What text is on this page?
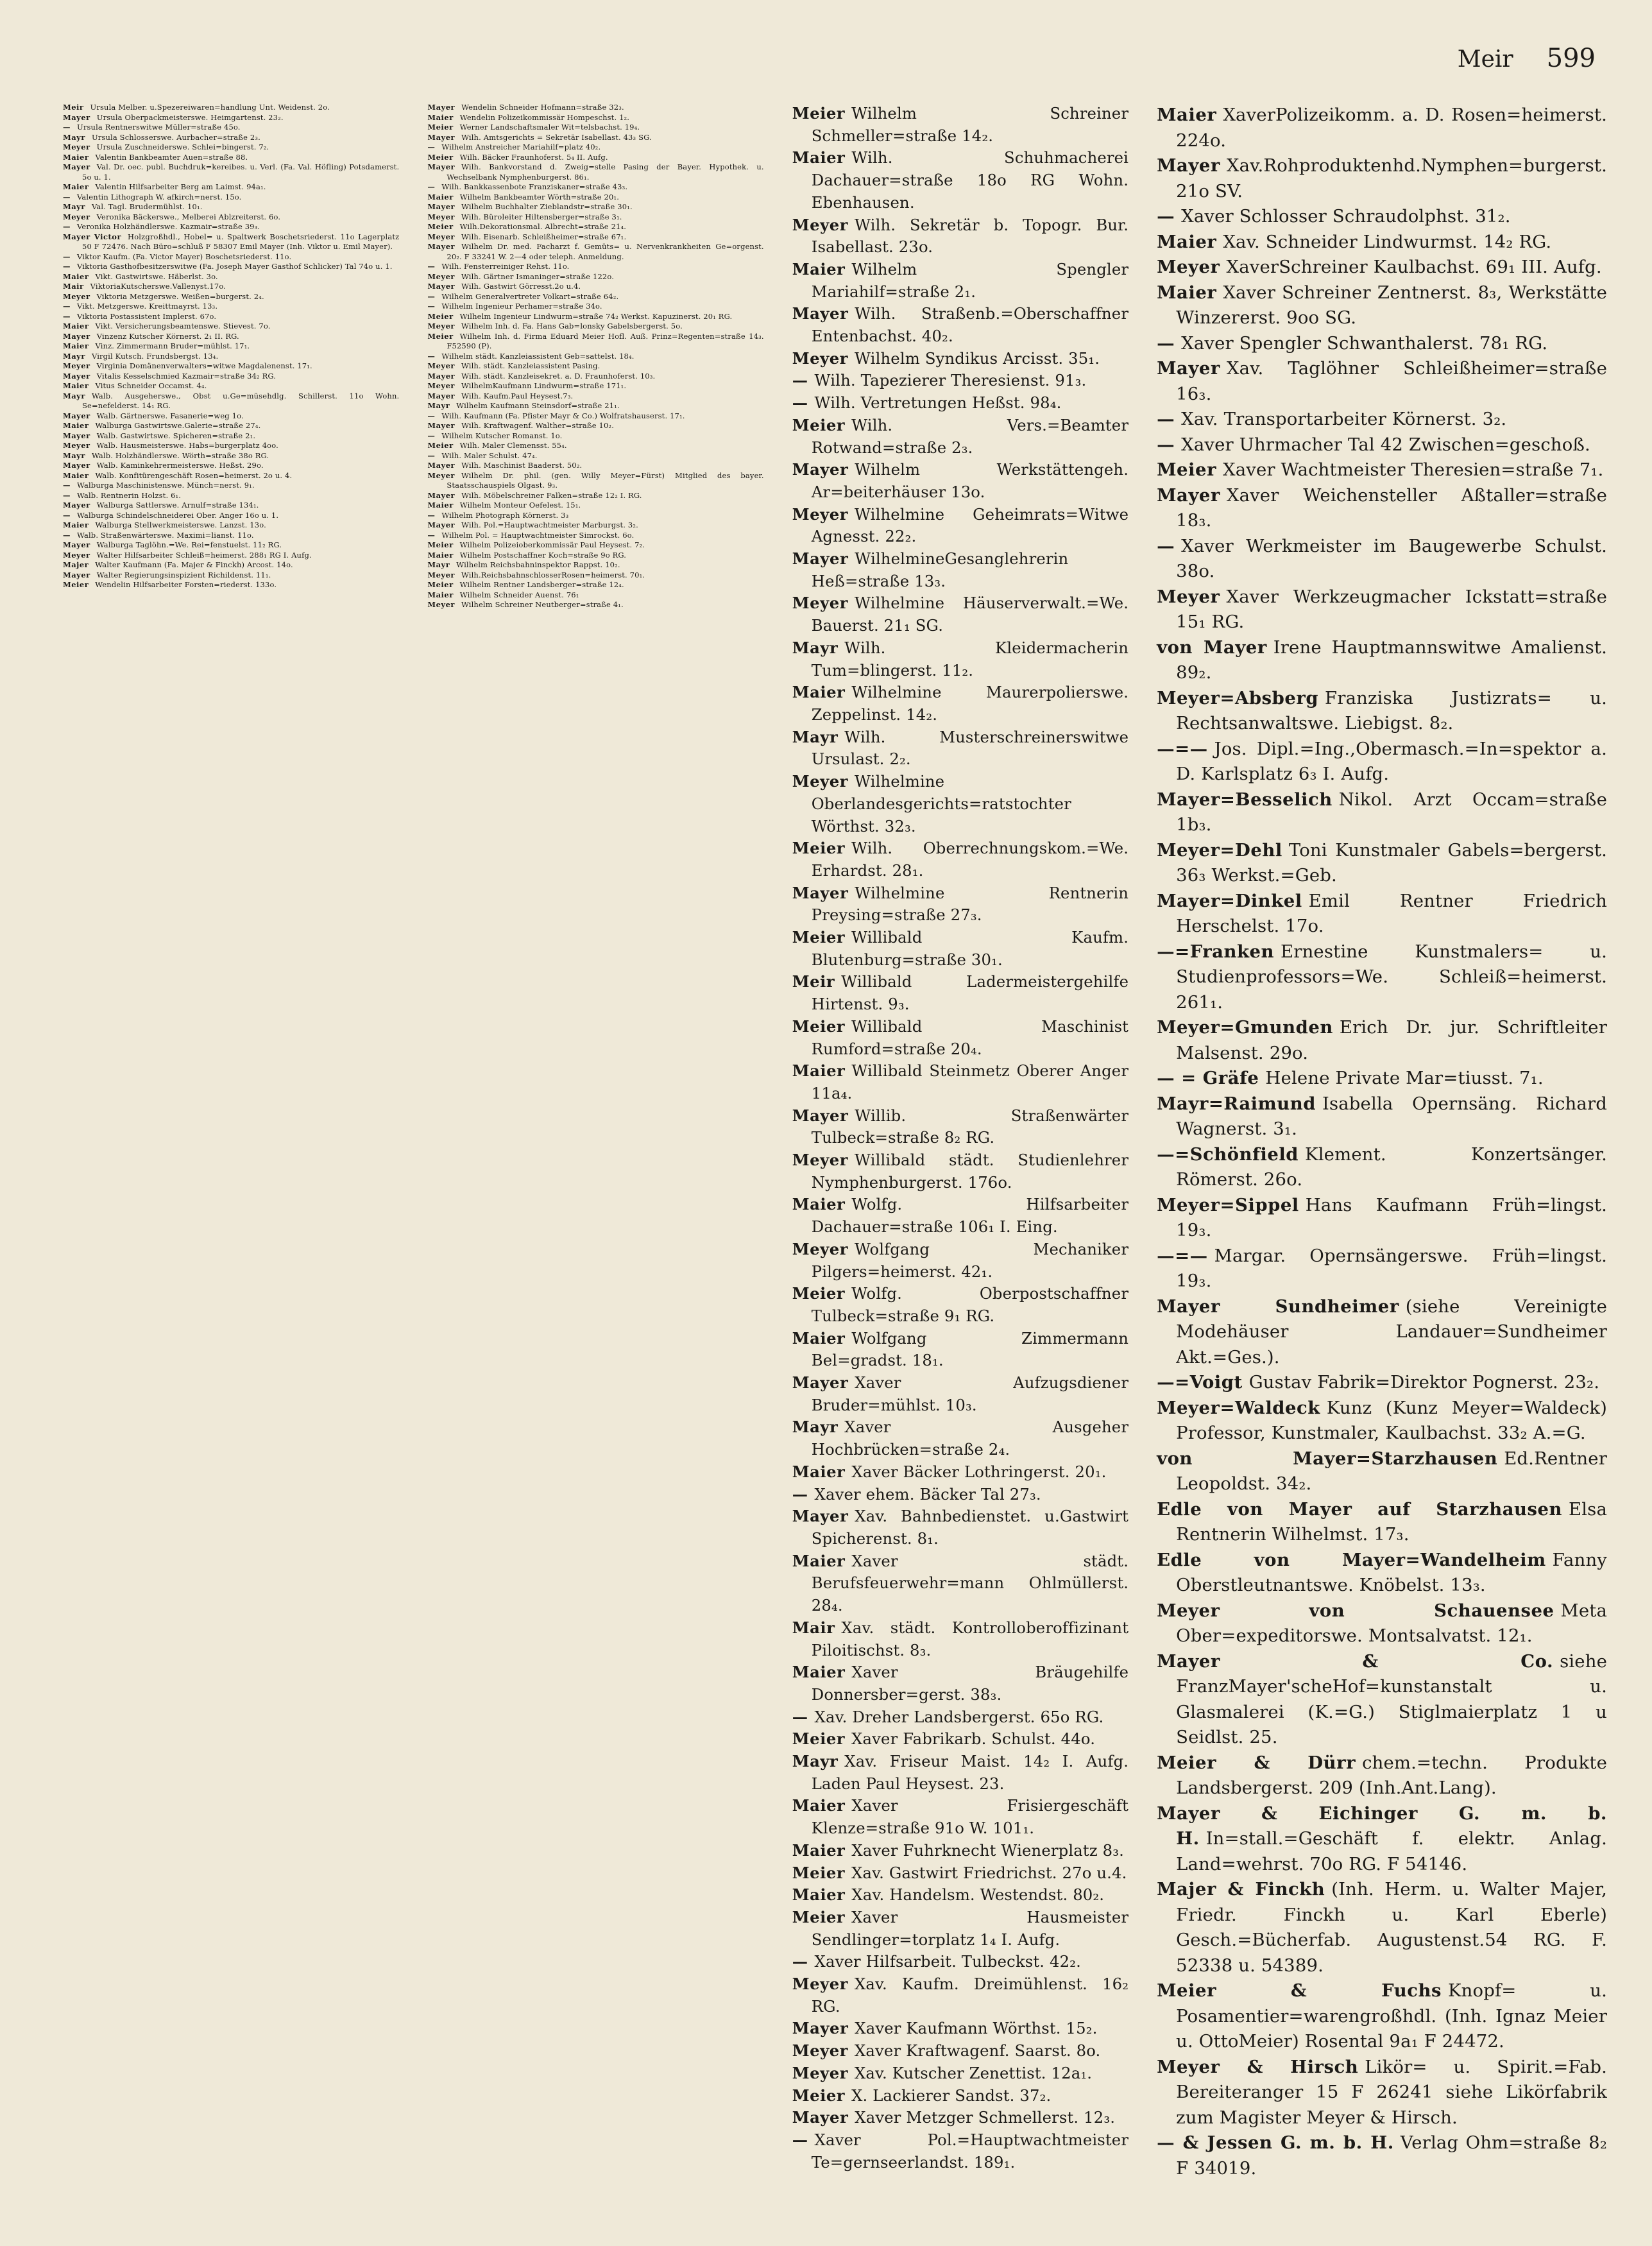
Meir 599
Meir Ursula Melber. u.Spezereiwaren=handlung Unt. Weidenst. 2o.
Mayer Ursula Oberpackmeisterswe. Heimgartenst. 23₂.
— Ursula Rentnerswitwe Müller=straße 45o.
Mayr Ursula Schlosserswe. Aurbacher=straße 2₃.
Meyer Ursula Zuschneiderswe. Schlei=bingerst. 7₂.
Maier Valentin Bankbeamter Auen=straße 88.
Mayer Val. Dr. oec. publ. Buchdruk=kereibes. u. Verl. (Fa. Val. Höfling) Potsdamerst. 5o u. 1.
Maier Valentin Hilfsarbeiter Berg am Laimst. 94a₁.
— Valentin Lithograph W. afkirch=nerst. 15o.
Mayr Val. Tagl. Brudermühlst. 10₁.
Meyer Veronika Bäckerswe., Melberei Ablzreiterst. 6o.
— Veronika Holzhändlerswe. Kazmair=straße 39₃.
Mayer Victor Holzgroßhdl., Hobel= u. Spaltwerk Boschetsriederst. 11o Lagerplatz 50 F 72476. Nach Büro=schluß F 58307 Emil Mayer (Inh. Viktor u. Emil Mayer).
— Viktor Kaufm. (Fa. Victor Mayer) Boschetsriederst. 11o.
— Viktoria Gasthofbesitzerswitwe (Fa. Joseph Mayer Gasthof Schlicker) Tal 74o u. 1.
Maier Vikt. Gastwirtswe. Häberlst. 3o.
Mair ViktoriaKutscherswe.Vallenyst.17o.
Meyer Viktoria Metzgerswe. Weißen=burgerst. 2₄.
— Vikt. Metzgerswe. Kreittmayrst. 13₃.
— Viktoria Postassistent Implerst. 67o.
Maier Vikt. Versicherungsbeamtenswe. Stievest. 7o.
Mayer Vinzenz Kutscher Körnerst. 2₁ II. RG.
Maier Vinz. Zimmermann Bruder=mühlst. 17₁.
Mayr Virgil Kutsch. Frundsbergst. 13₄.
Meyer Virginia Domänenverwalters=witwe Magdalenenst. 17₁.
Mayer Vitalis Kesselschmied Kazmair=straße 34₂ RG.
Maier Vitus Schneider Occamst. 4₄.
Mayr Walb. Ausgeherswe., Obst u.Ge=müsehdlg. Schillerst. 11o Wohn. Se=nefelderst. 14₁ RG.
Mayer Walb. Gärtnerswe. Fasanerie=weg 1o.
Maier Walburga Gastwirtswe.Galerie=straße 27₄.
Mayer Walb. Gastwirtswe. Spicheren=straße 2₁.
Meyer Walb. Hausmeisterswe. Habs=burgerplatz 4oo.
Mayr Walb. Holzhändlerswe. Wörth=straße 38o RG.
Mayer Walb. Kaminkehrermeisterswe. Heßst. 29o.
Maier Walb. Konfitürengeschäft Rosen=heimerst. 2o u. 4.
— Walburga Maschinistenswe. Münch=nerst. 9₁.
— Walb. Rentnerin Holzst. 6₁.
Mayer Walburga Sattlerswe. Arnulf=straße 134₁.
— Walburga Schindelschneiderei Ober. Anger 16o u. 1.
Maier Walburga Stellwerkmeisterswe. Lanzst. 13o.
— Walb. Straßenwärterswe. Maximi=lianst. 11o.
Mayer Walburga Taglöhn.=We. Rei=fenstuelst. 11₂ RG.
Meyer Walter Hilfsarbeiter Schleiß=heimerst. 288₁ RG I. Aufg.
Majer Walter Kaufmann (Fa. Majer & Finckh) Arcost. 14o.
Mayer Walter Regierungsinspizient Richildenst. 11₁.
Meier Wendelin Hilfsarbeiter Forsten=riederst. 133o.
Mayer Wendelin Schneider Hofmann=straße 32₃.
Maier Wendelin Polizeikommissär Hompeschst. 1₂.
Meier Werner Landschaftsmaler Wit=telsbachst. 19₄.
Mayer Wilh. Amtsgerichts = Sekretär Isabellast. 43₃ SG.
— Wilhelm Anstreicher Mariahilf=platz 40₂.
Meier Wilh. Bäcker Fraunhoferst. 5₄ II. Aufg.
Mayer Wilh. Bankvorstand d. Zweig=stelle Pasing der Bayer. Hypothek. u. Wechselbank Nymphenburgerst. 86₁.
— Wilh. Bankkassenbote Franziskaner=straße 43₃.
Maier Wilhelm Bankbeamter Wörth=straße 20₁.
Mayer Wilhelm Buchhalter Zieblandstr=straße 30₁.
Meyer Wilh. Büroleiter Hiltensberger=straße 3₁.
Meier Wilh.Dekorationsmal. Albrecht=straße 21₄.
Meyer Wilh. Eisenarb. Schleißheimer=straße 67₁.
Mayer Wilhelm Dr. med. Facharzt f. Gemüts= u. Nervenkrankheiten Ge=orgenst. 20₂. F 33241 W. 2—4 oder teleph. Anmeldung.
— Wilh. Fensterreiniger Rehst. 11o.
Meyer Wilh. Gärtner Ismaninger=straße 122o.
Mayer Wilh. Gastwirt Görresst.2o u.4.
— Wilhelm Generalvertreter Volkart=straße 64₂.
— Wilhelm Ingenieur Perhamer=straße 34o.
Meier Wilhelm Ingenieur Lindwurm=straße 74₂ Werkst. Kapuzinerst. 20₁ RG.
Meyer Wilhelm Inh. d. Fa. Hans Gab=lonsky Gabelsbergerst. 5o.
Meier Wilhelm Inh. d. Firma Eduard Meier Hofl. Auß. Prinz=Regenten=straße 14₃. F52590 (P).
— Wilhelm städt. Kanzleiassistent Geb=sattelst. 18₄.
Meyer Wilh. städt. Kanzleiassistent Pasing.
Mayer Wilh. städt. Kanzleisekret. a. D. Fraunhoferst. 10₃.
Meyer WilhelmKaufmann Lindwurm=straße 171₁.
Mayer Wilh. Kaufm.Paul Heysest.7₃.
Mayr Wilhelm Kaufmann Steinsdorf=straße 21₁.
— Wilh. Kaufmann (Fa. Pfister Mayr & Co.) Wolfratshauserst. 17₁.
Mayer Wilh. Kraftwagenf. Walther=straße 10₂.
— Wilhelm Kutscher Romanst. 1o.
Meier Wilh. Maler Clemensst. 55₄.
— Wilh. Maler Schulst. 47₄.
Mayer Wilh. Maschinist Baaderst. 50₂.
Meyer Wilhelm Dr. phil. (gen. Willy Meyer=Fürst) Mitglied des bayer. Staatsschauspiels Olgast. 9₃.
Mayer Wilh. Möbelschreiner Falken=straße 12₂ I. RG.
Maier Wilhelm Monteur Oefelest. 15₁.
— Wilhelm Photograph Körnerst. 3₃
Mayer Wilh. Pol.=Hauptwachtmeister Marburgst. 3₂.
— Wilhelm Pol. = Hauptwachtmeister Simrockst. 6o.
Meier Wilhelm Polizeioberkommissär Paul Heysest. 7₂.
Maier Wilhelm Postschaffner Koch=straße 9o RG.
Mayr Wilhelm Reichsbahninspektor Rappst. 10₂.
Meyer Wilh.ReichsbahnschlosserRosen=heimerst. 70₁.
Meier Wilhelm Rentner Landsberger=straße 12₄.
Maier Wilhelm Schneider Auenst. 76₁
Meyer Wilhelm Schreiner Neutberger=straße 4₁.
Meier Wilhelm Schreiner Schmeller=straße 14₂.
Maier Wilh. Schuhmacherei Dachauer=straße 18o RG Wohn. Ebenhausen.
Meyer Wilh. Sekretär b. Topogr. Bur. Isabellast. 23o.
Maier Wilhelm Spengler Mariahilf=straße 2₁.
Mayer Wilh. Straßenb.=Oberschaffner Entenbachst. 40₂.
Meyer Wilhelm Syndikus Arcisst. 35₁.
— Wilh. Tapezierer Theresienst. 91₃.
— Wilh. Vertretungen Heßst. 98₄.
Meier Wilh. Vers.=Beamter Rotwand=straße 2₃.
Mayer Wilhelm Werkstättengeh. Ar=beiterhäuser 13o.
Meyer Wilhelmine Geheimrats=Witwe Agnesst. 22₂.
Mayer WilhelmineGesanglehrerin Heß=straße 13₃.
Meyer Wilhelmine Häuserverwalt.=We. Bauerst. 21₁ SG.
Mayr Wilh. Kleidermacherin Tum=blingerst. 11₂.
Maier Wilhelmine Maurerpolierswe. Zeppelinst. 14₂.
Mayr Wilh. Musterschreinerswitwe Ursulast. 2₂.
Meyer Wilhelmine Oberlandesgerichts=ratstochter Wörthst. 32₃.
Meier Wilh. Oberrechnungskom.=We. Erhardst. 28₁.
Mayer Wilhelmine Rentnerin Preysing=straße 27₃.
Meier Willibald Kaufm. Blutenburg=straße 30₁.
Meir Willibald Ladermeistergehilfe Hirtenst. 9₃.
Meier Willibald Maschinist Rumford=straße 20₄.
Maier Willibald Steinmetz Oberer Anger 11a₄.
Mayer Willib. Straßenwärter Tulbeck=straße 8₂ RG.
Meyer Willibald städt. Studienlehrer Nymphenburgerst. 176o.
Maier Wolfg. Hilfsarbeiter Dachauer=straße 106₁ I. Eing.
Meyer Wolfgang Mechaniker Pilgers=heimerst. 42₁.
Meier Wolfg. Oberpostschaffner Tulbeck=straße 9₁ RG.
Maier Wolfgang Zimmermann Bel=gradst. 18₁.
Mayer Xaver Aufzugsdiener Bruder=mühlst. 10₃.
Mayr Xaver Ausgeher Hochbrücken=straße 2₄.
Maier Xaver Bäcker Lothringerst. 20₁.
— Xaver ehem. Bäcker Tal 27₃.
Mayer Xav. Bahnbedienstet. u.Gastwirt Spicherenst. 8₁.
Maier Xaver städt. Berufsfeuerwehr=mann Ohlmüllerst. 28₄.
Mair Xav. städt. Kontrolloberoffizinant Piloitischst. 8₃.
Maier Xaver Bräugehilfe Donnersber=gerst. 38₃.
— Xav. Dreher Landsbergerst. 65o RG.
Meier Xaver Fabrikarb. Schulst. 44o.
Mayr Xav. Friseur Maist. 14₂ I. Aufg. Laden Paul Heysest. 23.
Maier Xaver Frisiergeschäft Klenze=straße 91o W. 101₁.
Maier Xaver Fuhrknecht Wienerplatz 8₃.
Meier Xav. Gastwirt Friedrichst. 27o u.4.
Maier Xav. Handelsm. Westendst. 80₂.
Meier Xaver Hausmeister Sendlinger=torplatz 1₄ I. Aufg.
— Xaver Hilfsarbeit. Tulbeckst. 42₂.
Meyer Xav. Kaufm. Dreimühlenst. 16₂ RG.
Mayer Xaver Kaufmann Wörthst. 15₂.
Meyer Xaver Kraftwagenf. Saarst. 8o.
Meyer Xav. Kutscher Zenettist. 12a₁.
Meier X. Lackierer Sandst. 37₂.
Mayer Xaver Metzger Schmellerst. 12₃.
— Xaver Pol.=Hauptwachtmeister Te=gernseerlandst. 189₁.
Maier XaverPolizeikomm. a. D. Rosen=heimerst. 224o.
Mayer Xav.Rohproduktenhd.Nymphen=burgerst. 21o SV.
— Xaver Schlosser Schraudolphst. 31₂.
Maier Xav. Schneider Lindwurmst. 14₂ RG.
Meyer XaverSchreiner Kaulbachst. 69₁ III. Aufg.
Maier Xaver Schreiner Zentnerst. 8₃, Werkstätte Winzererst. 9oo SG.
— Xaver Spengler Schwanthalerst. 78₁ RG.
Mayer Xav. Taglöhner Schleißheimer=straße 16₃.
— Xav. Transportarbeiter Körnerst. 3₂.
— Xaver Uhrmacher Tal 42 Zwischen=geschoß.
Meier Xaver Wachtmeister Theresien=straße 7₁.
Mayer Xaver Weichensteller Aßtaller=straße 18₃.
— Xaver Werkmeister im Baugewerbe Schulst. 38o.
Meyer Xaver Werkzeugmacher Ickstatt=straße 15₁ RG.
von Mayer Irene Hauptmannswitwe Amalienst. 89₂.
Meyer=Absberg Franziska Justizrats= u. Rechtsanwaltswe. Liebigst. 8₂.
—=— Jos. Dipl.=Ing.,Obermasch.=In=spektor a. D. Karlsplatz 6₃ I. Aufg.
Mayer=Besselich Nikol. Arzt Occam=straße 1b₃.
Meyer=Dehl Toni Kunstmaler Gabels=bergerst. 36₃ Werkst.=Geb.
Mayer=Dinkel Emil Rentner Friedrich Herschelst. 17o.
—=Franken Ernestine Kunstmalers= u. Studienprofessors=We. Schleiß=heimerst. 261₁.
Meyer=Gmunden Erich Dr. jur. Schriftleiter Malsenst. 29o.
— = Gräfe Helene Private Mar=tiusst. 7₁.
Mayr=Raimund Isabella Opernsäng. Richard Wagnerst. 3₁.
—=Schönfield Klement. Konzertsänger. Römerst. 26o.
Meyer=Sippel Hans Kaufmann Früh=lingst. 19₃.
—=— Margar. Opernsängerswe. Früh=lingst. 19₃.
Mayer Sundheimer (siehe Vereinigte Modehäuser Landauer=Sundheimer Akt.=Ges.).
—=Voigt Gustav Fabrik=Direktor Pognerst. 23₂.
Meyer=Waldeck Kunz (Kunz Meyer=Waldeck) Professor, Kunstmaler, Kaulbachst. 33₂ A.=G.
von Mayer=Starzhausen Ed.Rentner Leopoldst. 34₂.
Edle von Mayer auf Starzhausen Elsa Rentnerin Wilhelmst. 17₃.
Edle von Mayer=Wandelheim Fanny Oberstleutnantswe. Knöbelst. 13₃.
Meyer von Schauensee Meta Ober=expeditorswe. Montsalvatst. 12₁.
Mayer & Co. siehe FranzMayer'scheHof=kunstanstalt u. Glasmalerei (K.=G.) Stiglmaierplatz 1 u Seidlst. 25.
Meier & Dürr chem.=techn. Produkte Landsbergerst. 209 (Inh.Ant.Lang).
Mayer & Eichinger G. m. b. H. In=stall.=Geschäft f. elektr. Anlag. Land=wehrst. 70o RG. F 54146.
Majer & Finckh (Inh. Herm. u. Walter Majer, Friedr. Finckh u. Karl Eberle) Gesch.=Bücherfab. Augustenst.54 RG. F. 52338 u. 54389.
Meier & Fuchs Knopf= u. Posamentier=warengroßhdl. (Inh. Ignaz Meier u. OttoMeier) Rosental 9a₁ F 24472.
Meyer & Hirsch Likör= u. Spirit.=Fab. Bereiteranger 15 F 26241 siehe Likörfabrik zum Magister Meyer & Hirsch.
— & Jessen G. m. b. H. Verlag Ohm=straße 8₂ F 34019.
